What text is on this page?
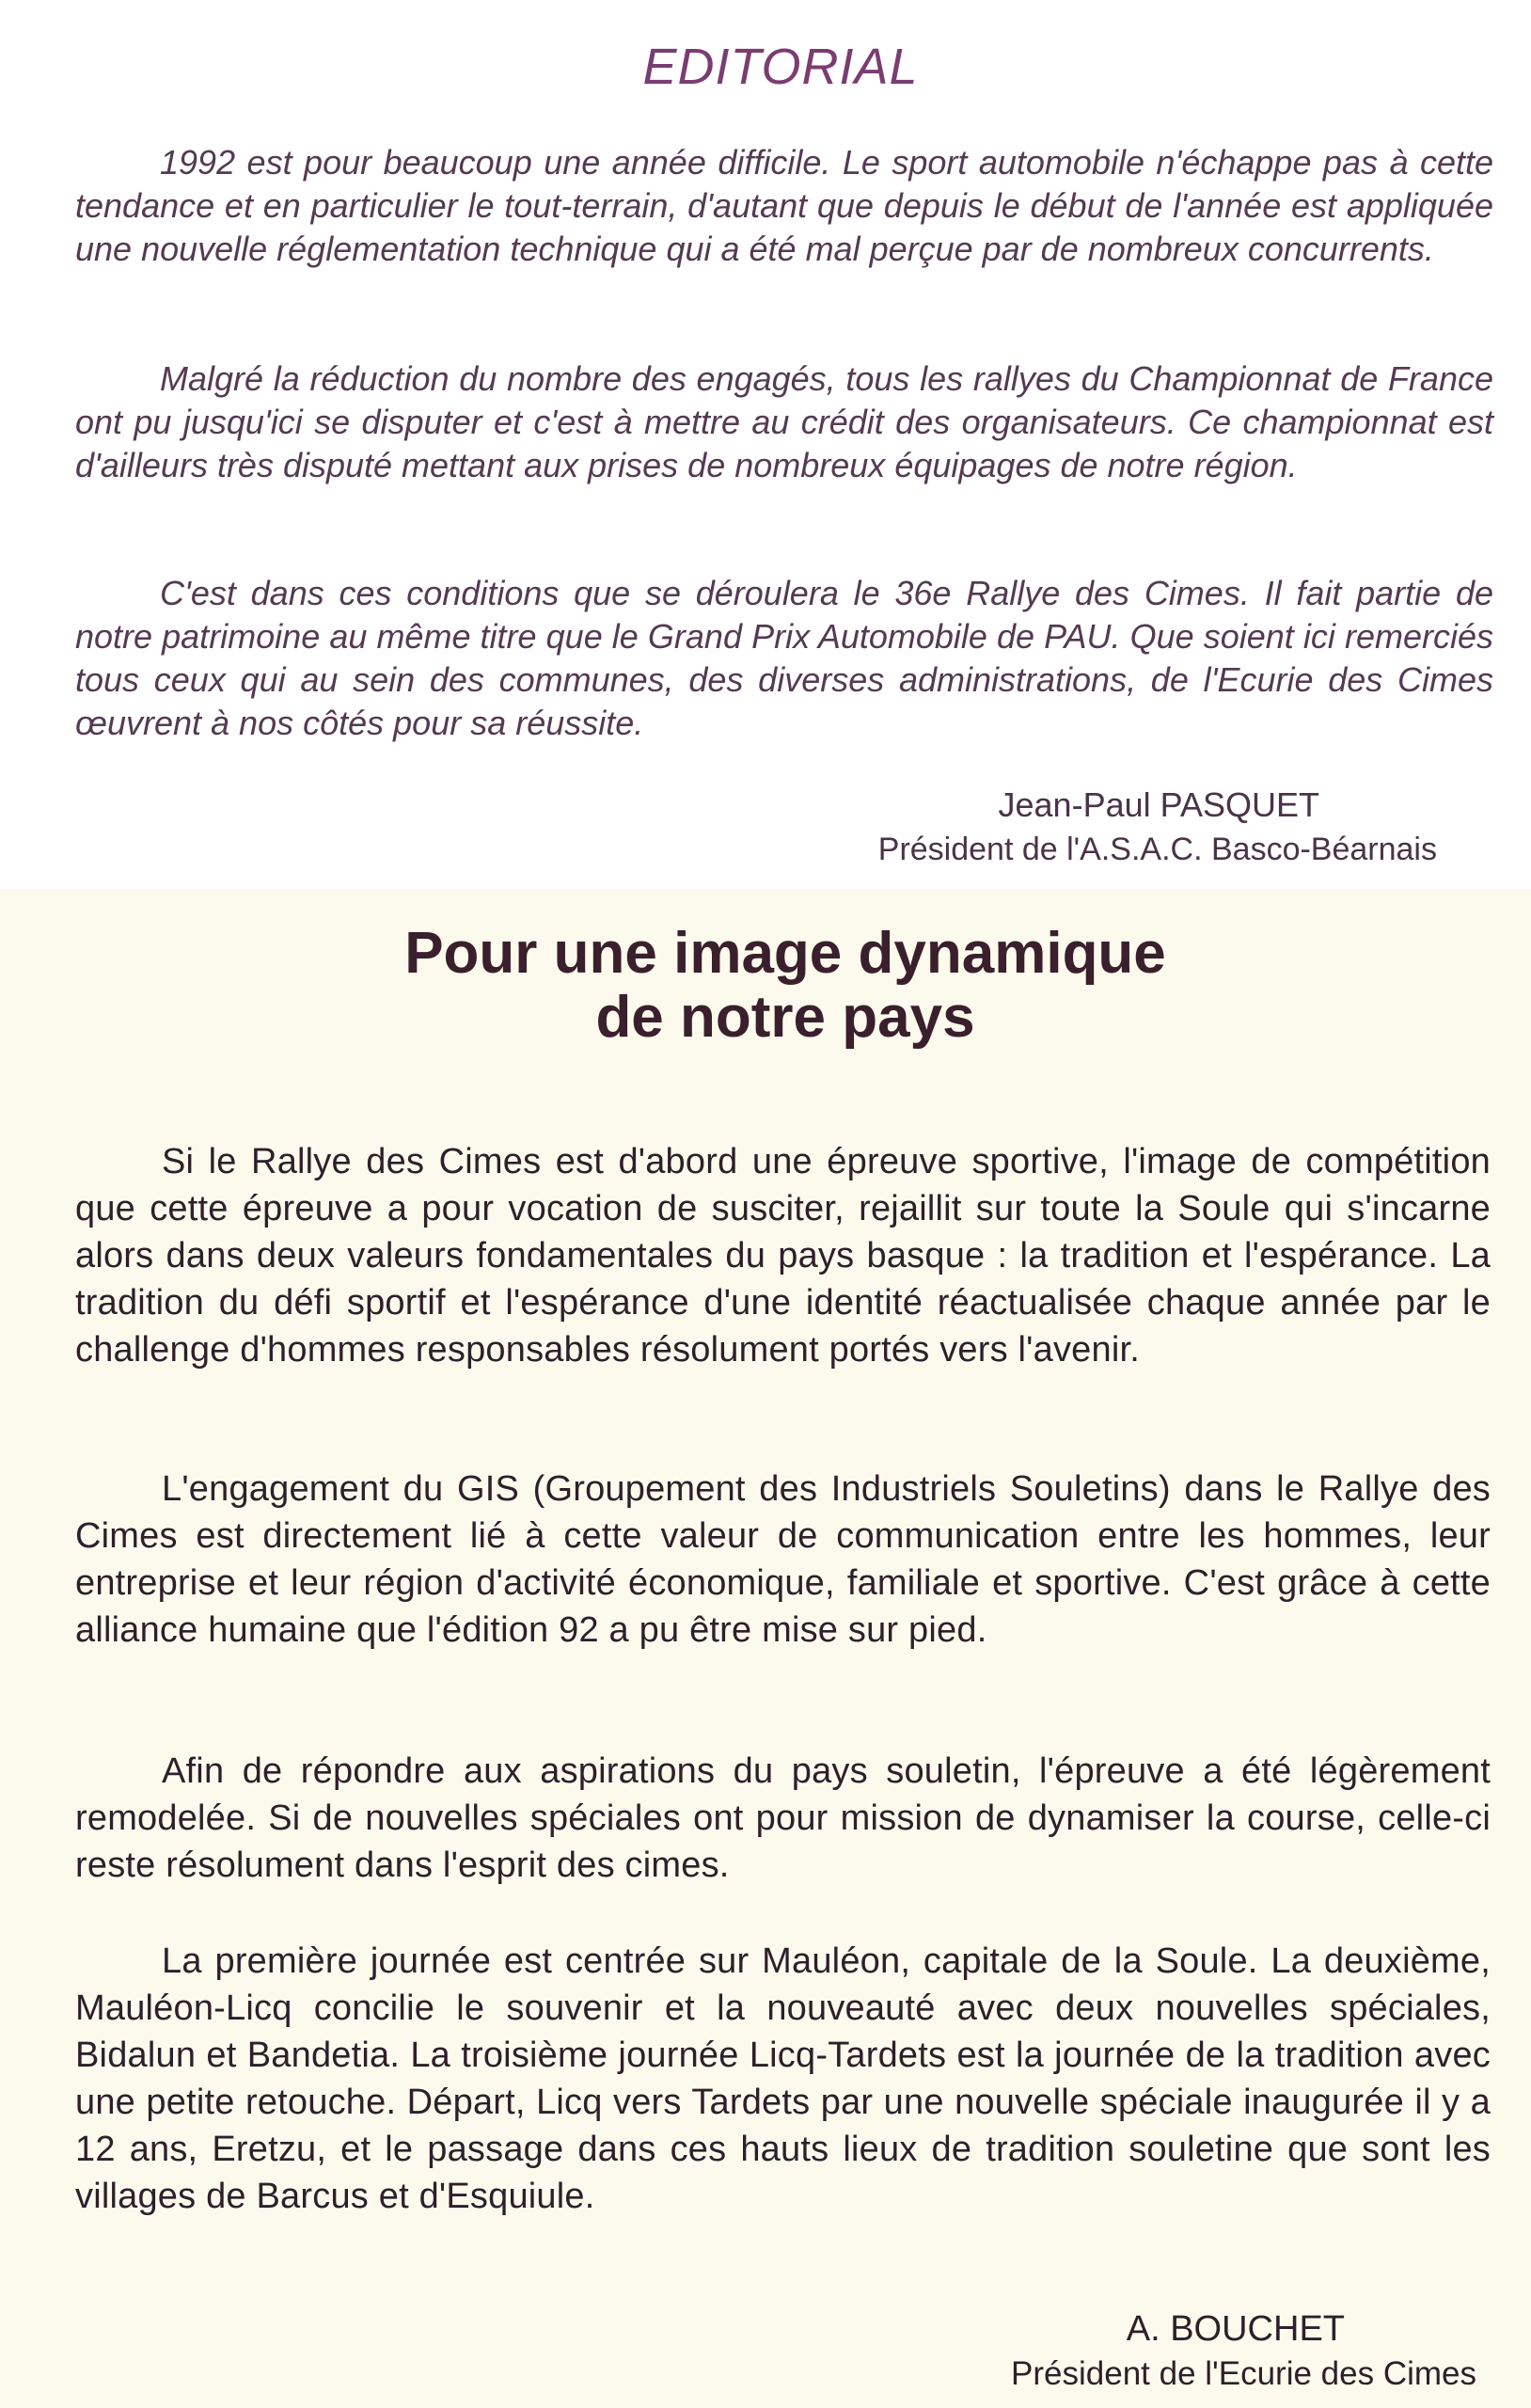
EDITORIAL

1992 est pour beaucoup une année difficile. Le sport automobile n'échappe pas à cette tendance et en particulier le tout-terrain, d'autant que depuis le début de l'année est appliquée une nouvelle réglementation technique qui a été mal perçue par de nombreux concurrents.

Malgré la réduction du nombre des engagés, tous les rallyes du Championnat de France ont pu jusqu'ici se disputer et c'est à mettre au crédit des organisateurs. Ce championnat est d'ailleurs très disputé mettant aux prises de nombreux équipages de notre région.

C'est dans ces conditions que se déroulera le 36e Rallye des Cimes. Il fait partie de notre patrimoine au même titre que le Grand Prix Automobile de PAU. Que soient ici remerciés tous ceux qui au sein des communes, des diverses administrations, de l'Ecurie des Cimes œuvrent à nos côtés pour sa réussite.

Jean-Paul PASQUET

Président de l'A.S.A.C. Basco-Béarnais

Pour une image dynamique
de notre pays

Si le Rallye des Cimes est d'abord une épreuve sportive, l'image de compétition que cette épreuve a pour vocation de susciter, rejaillit sur toute la Soule qui s'incarne alors dans deux valeurs fondamentales du pays basque : la tradition et l'espérance. La tradition du défi sportif et l'espérance d'une identité réactualisée chaque année par le challenge d'hommes responsables résolument portés vers l'avenir.

L'engagement du GIS (Groupement des Industriels Souletins) dans le Rallye des Cimes est directement lié à cette valeur de communication entre les hommes, leur entreprise et leur région d'activité économique, familiale et sportive. C'est grâce à cette alliance humaine que l'édition 92 a pu être mise sur pied.

Afin de répondre aux aspirations du pays souletin, l'épreuve a été légèrement remodelée. Si de nouvelles spéciales ont pour mission de dynamiser la course, celle-ci reste résolument dans l'esprit des cimes.

La première journée est centrée sur Mauléon, capitale de la Soule. La deuxième, Mauléon-Licq concilie le souvenir et la nouveauté avec deux nouvelles spéciales, Bidalun et Bandetia. La troisième journée Licq-Tardets est la journée de la tradition avec une petite retouche. Départ, Licq vers Tardets par une nouvelle spéciale inaugurée il y a 12 ans, Eretzu, et le passage dans ces hauts lieux de tradition souletine que sont les villages de Barcus et d'Esquiule.

A. BOUCHET

Président de l'Ecurie des Cimes
